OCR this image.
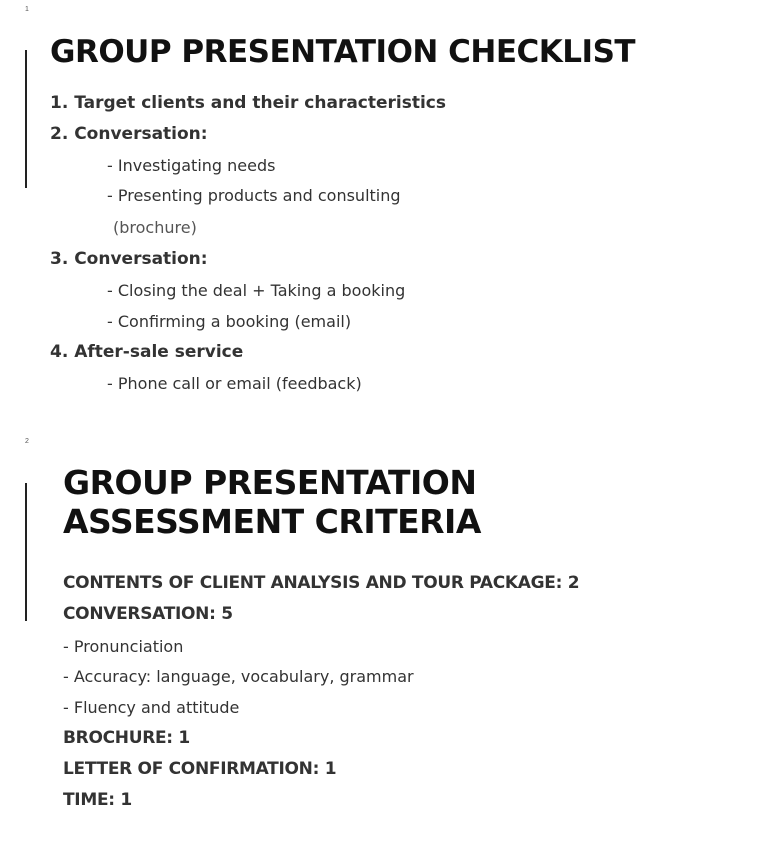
1
GROUP PRESENTATION CHECKLIST
1. Target clients and their characteristics
2. Conversation:
- Investigating needs
- Presenting products and consulting
(brochure)
3. Conversation:
- Closing the deal + Taking a booking
- Confirming a booking (email)
4. After-sale service
- Phone call or email (feedback)
2
GROUP PRESENTATION
ASSESSMENT CRITERIA
CONTENTS OF CLIENT ANALYSIS AND TOUR PACKAGE: 2
CONVERSATION: 5
- Pronunciation
- Accuracy: language, vocabulary, grammar
- Fluency and attitude
BROCHURE: 1
LETTER OF CONFIRMATION: 1
TIME: 1
